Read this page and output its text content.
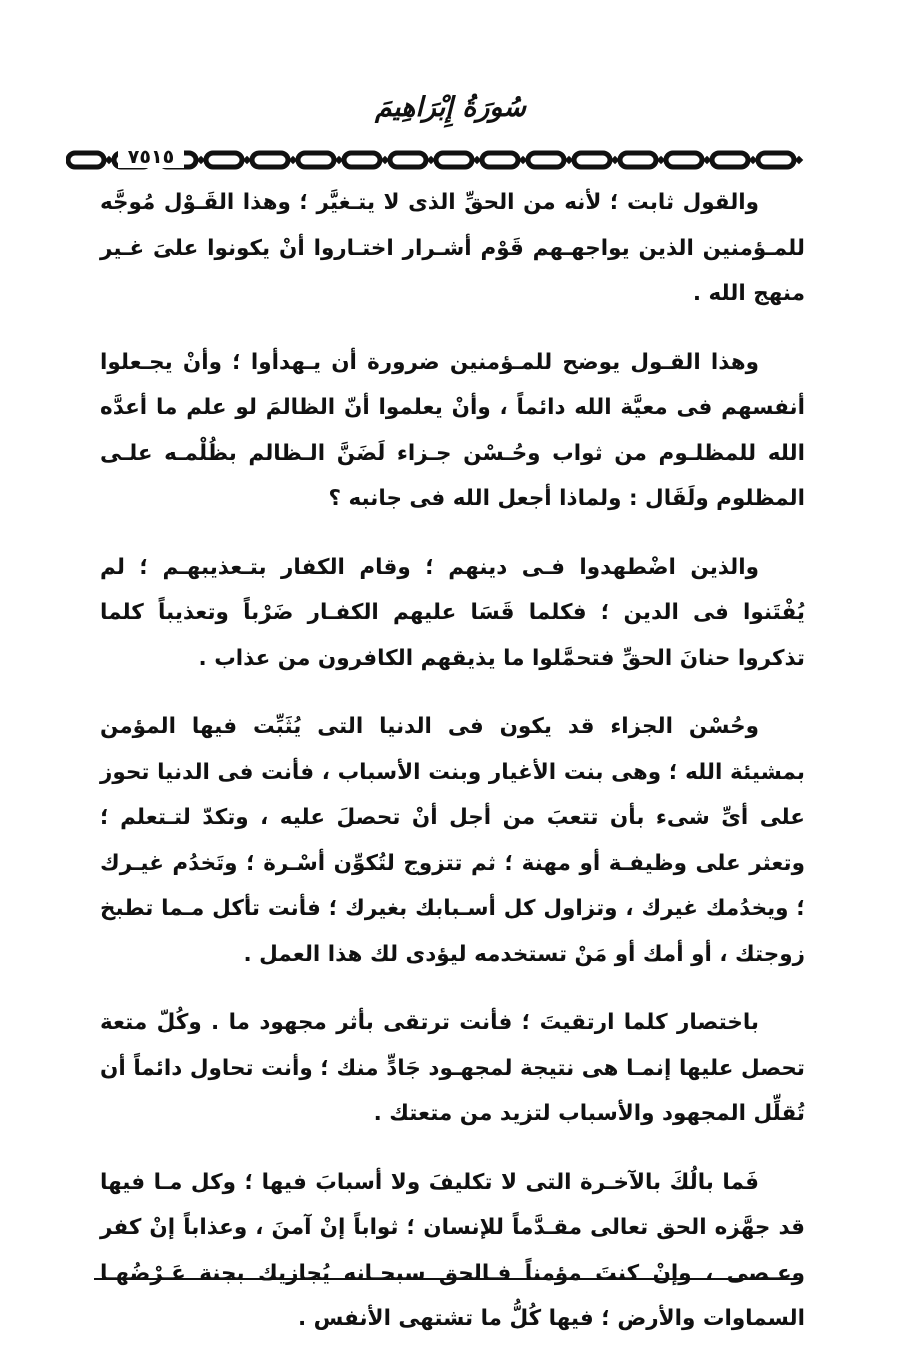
سُورَةُ إِبْرَاهِيمَ
٧٥١٥

والقول ثابت ؛ لأنه من الحقِّ الذى لا يتـغيَّر ؛ وهذا القَـوْل مُوجَّه للمـؤمنين الذين يواجهـهم قَوْم أشـرار اختـاروا أنْ يكونوا علىَ غـير منهج الله .

وهذا القـول يوضح للمـؤمنين ضرورة أن يـهدأوا ؛ وأنْ يجـعلوا أنفسهم فى معيَّة الله دائماً ، وأنْ يعلموا أنّ الظالمَ لو علم ما أعدَّه الله للمظلـوم من ثواب وحُـسْن جـزاء لَضَنَّ الـظالم بظُلْمـه علـى المظلوم ولَقَال : ولماذا أجعل الله فى جانبه ؟

والذين اضْطهدوا فـى دينهم ؛ وقام الكفار بتـعذيبهـم ؛ لم يُفْتَنوا فى الدين ؛ فكلما قَسَا عليهم الكفـار ضَرْباً وتعذيباً كلما تذكروا حنانَ الحقِّ فتحمَّلوا ما يذيقهم الكافرون من عذاب .

وحُسْن الجزاء قد يكون فى الدنيا التى يُثَبِّت فيها المؤمن بمشيئة الله ؛ وهى بنت الأغيار وبنت الأسباب ، فأنت فى الدنيا تحوز على أىِّ شىء بأن تتعبَ من أجل أنْ تحصلَ عليه ، وتكدّ لتـتعلم ؛ وتعثر على وظيفـة أو مهنة ؛ ثم تتزوج لتُكوِّن أسْـرة ؛ وتَخدُم غيـرك ؛ ويخدُمك غيرك ، وتزاول كل أسـبابك بغيرك ؛ فأنت تأكل مـما تطبخ زوجتك ، أو أمك أو مَنْ تستخدمه ليؤدى لك هذا العمل .

باختصار كلما ارتقيتَ ؛ فأنت ترتقى بأثر مجهود ما . وكُلّ متعة تحصل عليها إنمـا هى نتيجة لمجهـود جَادٍّ منك ؛ وأنت تحاول دائماً أن تُقلِّل المجهود والأسباب لتزيد من متعتك .

فَما بالُكَ بالآخـرة التى لا تكليفَ ولا أسبابَ فيها ؛ وكل مـا فيها قد جهَّزه الحق تعالى مقـدَّماً للإنسان ؛ ثواباً إنْ آمنَ ، وعذاباً إنْ كفر وعـصى ، وإنْ كنتَ مؤمناً فـالحق سبحـانه يُجازيك بجنة عَـرْضُهـا السماوات والأرض ؛ فيها كُلُّ ما تشتهى الأنفس .
